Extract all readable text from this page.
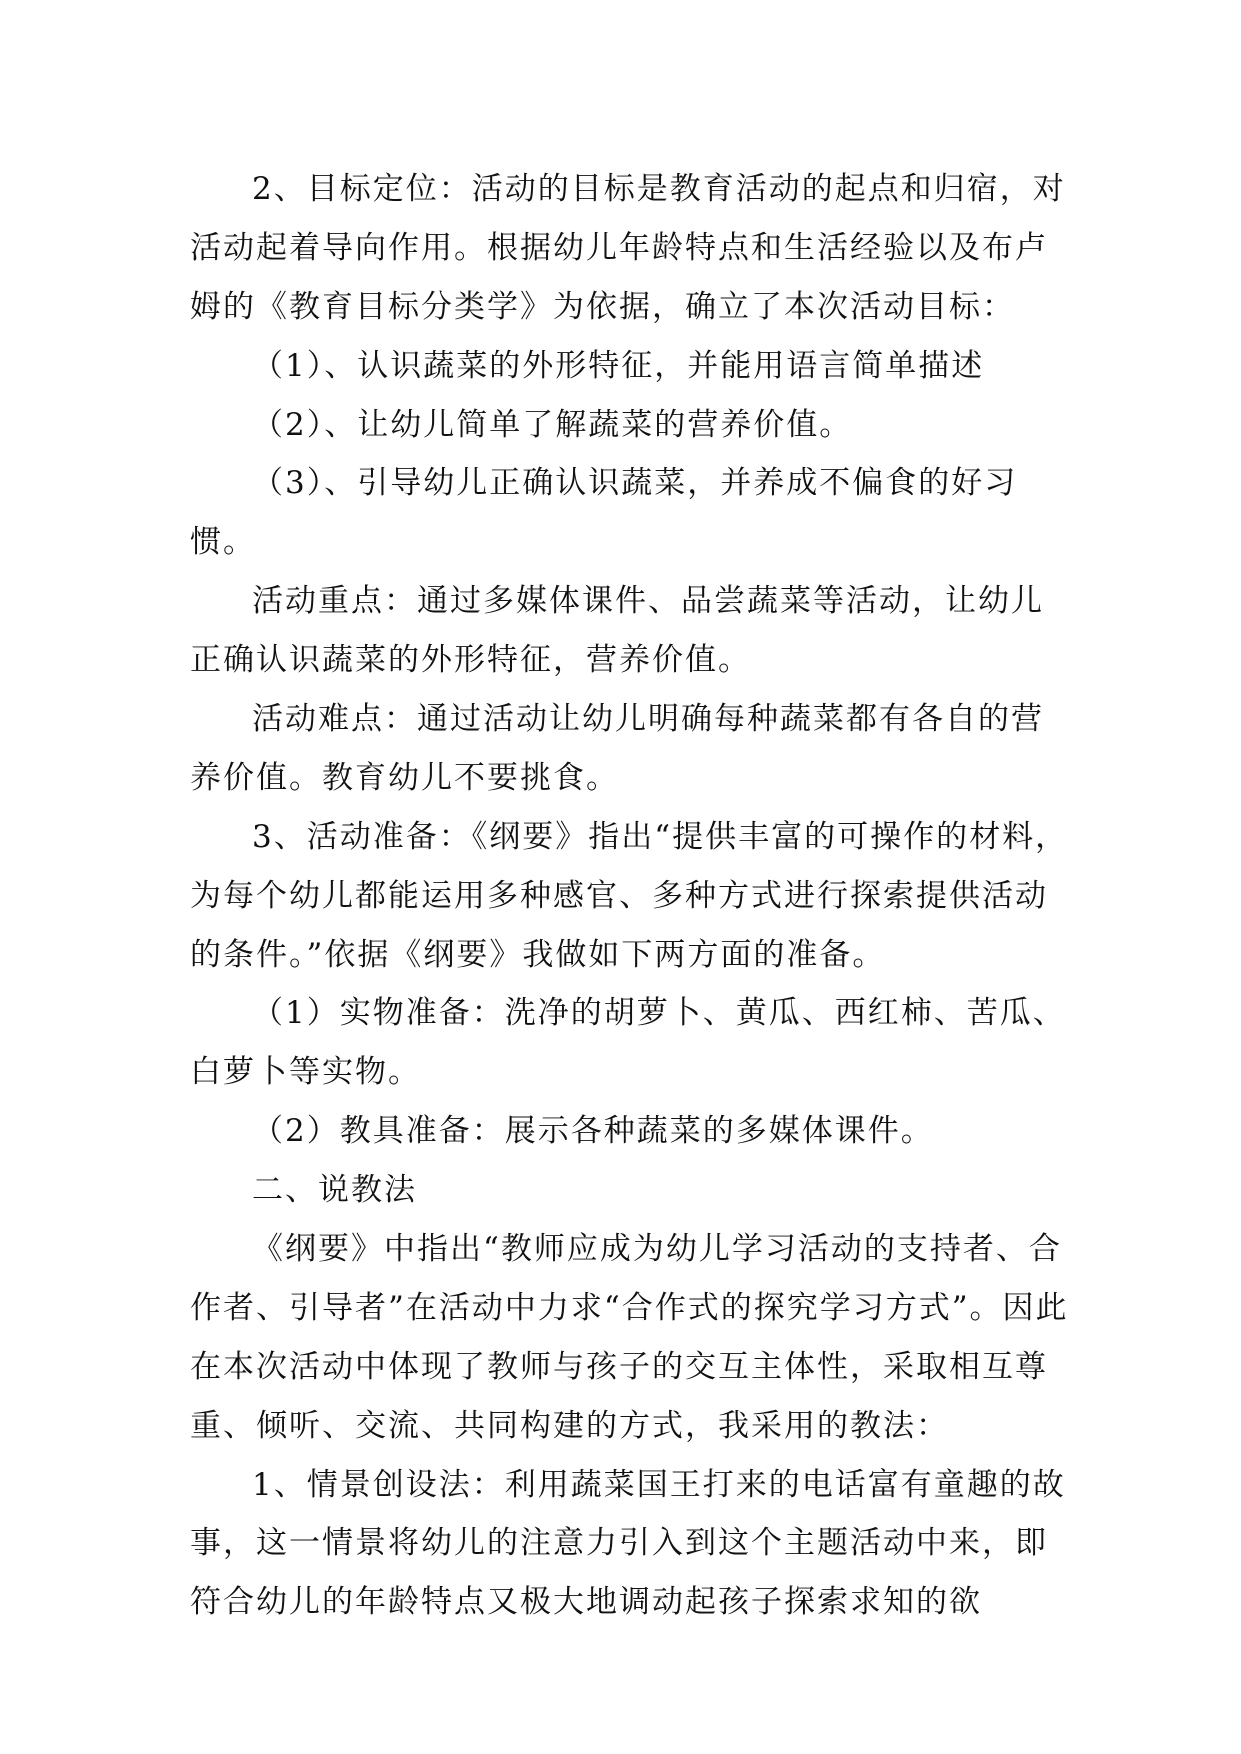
2、目标定位：活动的目标是教育活动的起点和归宿，对活动起着导向作用。根据幼儿年龄特点和生活经验以及布卢姆的《教育目标分类学》为依据，确立了本次活动目标：

（1）、认识蔬菜的外形特征，并能用语言简单描述

（2）、让幼儿简单了解蔬菜的营养价值。

（3）、引导幼儿正确认识蔬菜，并养成不偏食的好习惯。

活动重点：通过多媒体课件、品尝蔬菜等活动，让幼儿正确认识蔬菜的外形特征，营养价值。

活动难点：通过活动让幼儿明确每种蔬菜都有各自的营养价值。教育幼儿不要挑食。

3、活动准备：《纲要》指出“提供丰富的可操作的材料，为每个幼儿都能运用多种感官、多种方式进行探索提供活动的条件。”依据《纲要》我做如下两方面的准备。

（1）实物准备：洗净的胡萝卜、黄瓜、西红柿、苦瓜、白萝卜等实物。

（2）教具准备：展示各种蔬菜的多媒体课件。

二、说教法

《纲要》中指出“教师应成为幼儿学习活动的支持者、合作者、引导者”在活动中力求“合作式的探究学习方式”。因此在本次活动中体现了教师与孩子的交互主体性，采取相互尊重、倾听、交流、共同构建的方式，我采用的教法：

1、情景创设法：利用蔬菜国王打来的电话富有童趣的故事，这一情景将幼儿的注意力引入到这个主题活动中来，即符合幼儿的年龄特点又极大地调动起孩子探索求知的欲
